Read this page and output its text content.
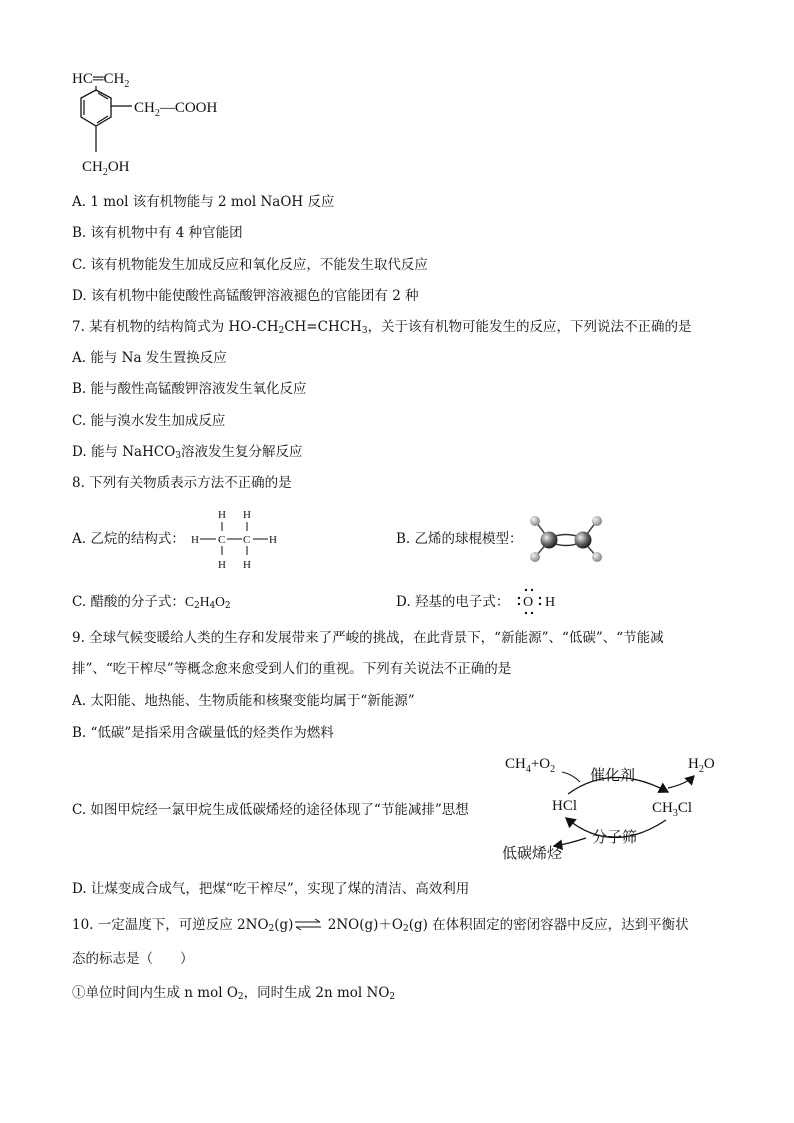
$HC═CH_2$
$CH_2—COOH$
$CH_2OH$
A. 1 mol 该有机物能与 2 mol NaOH 反应
B. 该有机物中有 4 种官能团
C. 该有机物能发生加成反应和氧化反应，不能发生取代反应
D. 该有机物中能使酸性高锰酸钾溶液褪色的官能团有 2 种
7. 某有机物的结构简式为 $HO-CH_2CH=CHCH_3$，关于该有机物可能发生的反应，下列说法不正确的是
A. 能与 Na 发生置换反应
B. 能与酸性高锰酸钾溶液发生氧化反应
C. 能与溴水发生加成反应
D. 能与 NaHCO$_3$溶液发生复分解反应
8. 下列有关物质表示方法不正确的是
A. 乙烷的结构式：
H H
H C C H
H H
B. 乙烯的球棍模型：
C. 醋酸的分子式：$C_2H_4O_2$	D. 羟基的电子式： O H
9. 全球气候变暖给人类的生存和发展带来了严峻的挑战，在此背景下，“新能源”、“低碳”、“节能减
排”、“吃干榨尽”等概念愈来愈受到人们的重视。下列有关说法不正确的是
A. 太阳能、地热能、生物质能和核聚变能均属于“新能源”
B. “低碳”是指采用含碳量低的烃类作为燃料
C. 如图甲烷经一氯甲烷生成低碳烯烃的途径体现了“节能减排”思想
$CH_4+O_2$ 催化剂
$H_2O$
HCl	$CH_3Cl$
分子筛
低碳烯烃
D. 让煤变成合成气，把煤“吃干榨尽”，实现了煤的清洁、高效利用
10. 一定温度下，可逆反应 $2NO_2(g)\rightleftharpoons$ $2NO(g)+O_2(g)$ 在体积固定的密闭容器中反应，达到平衡状
态的标志是（　　）
①单位时间内生成 n mol $O_2$，同时生成 2n mol $NO_2$
